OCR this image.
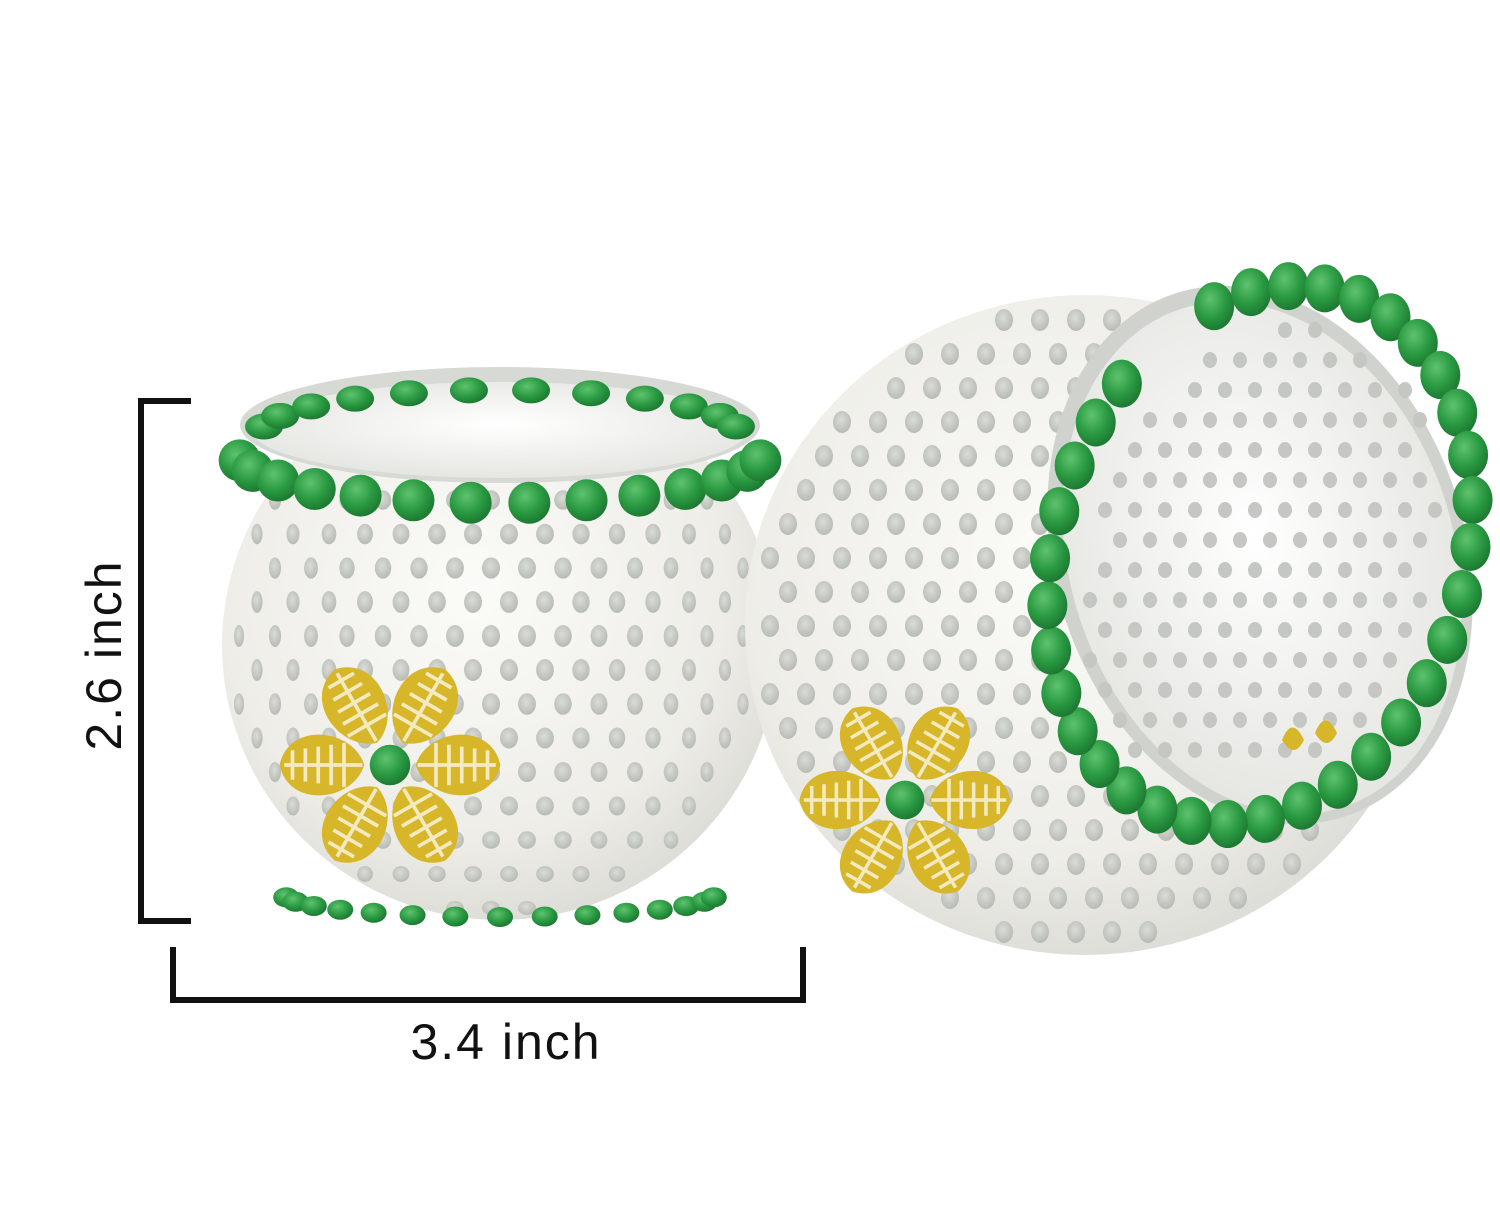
2.6 inch
3.4 inch
